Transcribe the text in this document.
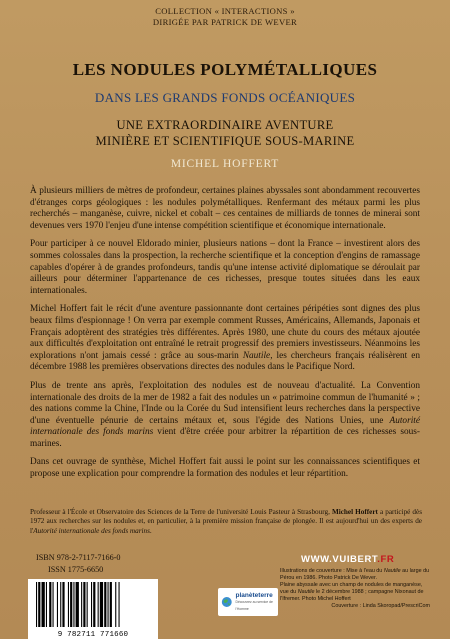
COLLECTION « INTERACTIONS »
DIRIGÉE PAR PATRICK DE WEVER
LES NODULES POLYMÉTALLIQUES
DANS LES GRANDS FONDS OCÉANIQUES
UNE EXTRAORDINAIRE AVENTURE
MINIÈRE ET SCIENTIFIQUE SOUS-MARINE
MICHEL HOFFERT

À plusieurs milliers de mètres de profondeur, certaines plaines abyssales sont abondamment recouvertes d'étranges corps géologiques : les nodules polymétalliques. Renfermant des métaux parmi les plus recherchés – manganèse, cuivre, nickel et cobalt – ces centaines de milliards de tonnes de minerai sont devenues vers 1970 l'enjeu d'une intense compétition scientifique et économique internationale.

Pour participer à ce nouvel Eldorado minier, plusieurs nations – dont la France – investirent alors des sommes colossales dans la prospection, la recherche scientifique et la conception d'engins de ramassage capables d'opérer à de grandes profondeurs, tandis qu'une intense activité diplomatique se déroulait par ailleurs pour déterminer l'appartenance de ces richesses, presque toutes situées dans les eaux internationales.

Michel Hoffert fait le récit d'une aventure passionnante dont certaines péripéties sont dignes des plus beaux films d'espionnage ! On verra par exemple comment Russes, Américains, Allemands, Japonais et Français adoptèrent des stratégies très différentes. Après 1980, une chute du cours des métaux ajoutée aux difficultés d'exploitation ont entraîné le retrait progressif des premiers investisseurs. Néanmoins les explorations n'ont jamais cessé : grâce au sous-marin Nautile, les chercheurs français réalisèrent en décembre 1988 les premières observations directes des nodules dans le Pacifique Nord.

Plus de trente ans après, l'exploitation des nodules est de nouveau d'actualité. La Convention internationale des droits de la mer de 1982 a fait des nodules un « patrimoine commun de l'humanité » ; des nations comme la Chine, l'Inde ou la Corée du Sud intensifient leurs recherches dans la perspective d'une éventuelle pénurie de certains métaux et, sous l'égide des Nations Unies, une Autorité internationale des fonds marins vient d'être créée pour arbitrer la répartition de ces richesses sous-marines.

Dans cet ouvrage de synthèse, Michel Hoffert fait aussi le point sur les connaissances scientifiques et propose une explication pour comprendre la formation des nodules et leur répartition.

Professeur à l'École et Observatoire des Sciences de la Terre de l'université Louis Pasteur à Strasbourg, Michel Hoffert a participé dès 1972 aux recherches sur les nodules et, en particulier, à la première mission française de plongée. Il est aujourd'hui un des experts de l'Autorité internationale des fonds marins.
ISBN 978-2-7117-7166-0
ISSN 1775-6650
9 782711 771660
planèteterre
Découvrez au service de l'Homme
WWW.VUIBERT.FR
Illustrations de couverture : Mise à l'eau du Nautile au large du Pérou en 1986. Photo Patrick De Wever.
Plaine abyssale avec un champ de nodules de manganèse, vue du Nautile le 2 décembre 1988 ; campagne Nixonaut de l'Ifremer. Photo Michel Hoffert
Couverture : Linda Skoropad/PrescriCom
